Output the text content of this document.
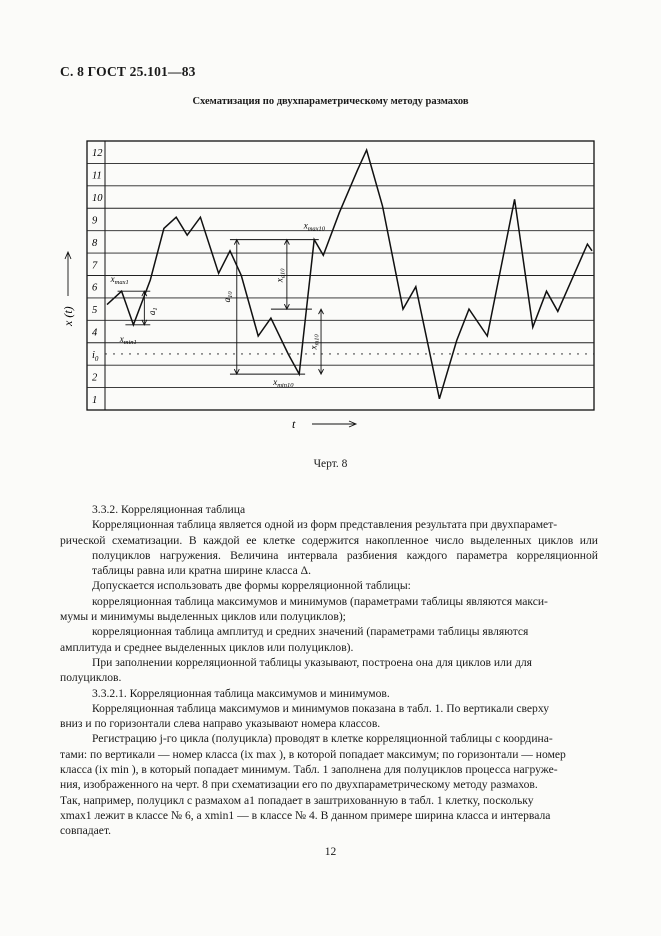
С. 8 ГОСТ 25.101—83
Схематизация по двухпараметрическому методу размахов
1
2
$i_0$
4
5
6
7
8
9
10
11
12
$a_1$
$x_{max1}$
$x_{min1}$
$a_{10}$
$x_{a10}$
$x_{m10}$
$x_{max10}$
$x_{min10}$
t
x (t)
Черт. 8

3.3.2. Корреляционная таблица

Корреляционная таблица является одной из форм представления результата при двухпарамет-

рической схематизации. В каждой ее клетке содержится накопленное число выделенных циклов или полуциклов нагружения. Величина интервала разбиения каждого параметра корреляционной таблицы равна или кратна ширине класса Δ.

Допускается использовать две формы корреляционной таблицы:

корреляционная таблица максимумов и минимумов (параметрами таблицы являются макси-

мумы и минимумы выделенных циклов или полуциклов);

корреляционная таблица амплитуд и средних значений (параметрами таблицы являются

амплитуда и среднее выделенных циклов или полуциклов).

При заполнении корреляционной таблицы указывают, построена она для циклов или для

полуциклов.

3.3.2.1. Корреляционная таблица максимумов и минимумов.

Корреляционная таблица максимумов и минимумов показана в табл. 1. По вертикали сверху

вниз и по горизонтали слева направо указывают номера классов.

Регистрацию j-го цикла (полуцикла) проводят в клетке корреляционной таблицы с координа-

тами: по вертикали — номер класса (ix max ), в которой попадает максимум; по горизонтали — номер

класса (ix min ), в который попадает минимум. Табл. 1 заполнена для полуциклов процесса нагруже-

ния, изображенного на черт. 8 при схематизации его по двухпараметрическому методу размахов.

Так, например, полуцикл с размахом a1 попадает в заштрихованную в табл. 1 клетку, поскольку

xmax1 лежит в классе № 6, а xmin1 — в классе № 4. В данном примере ширина класса и интервала

совпадает.

12
